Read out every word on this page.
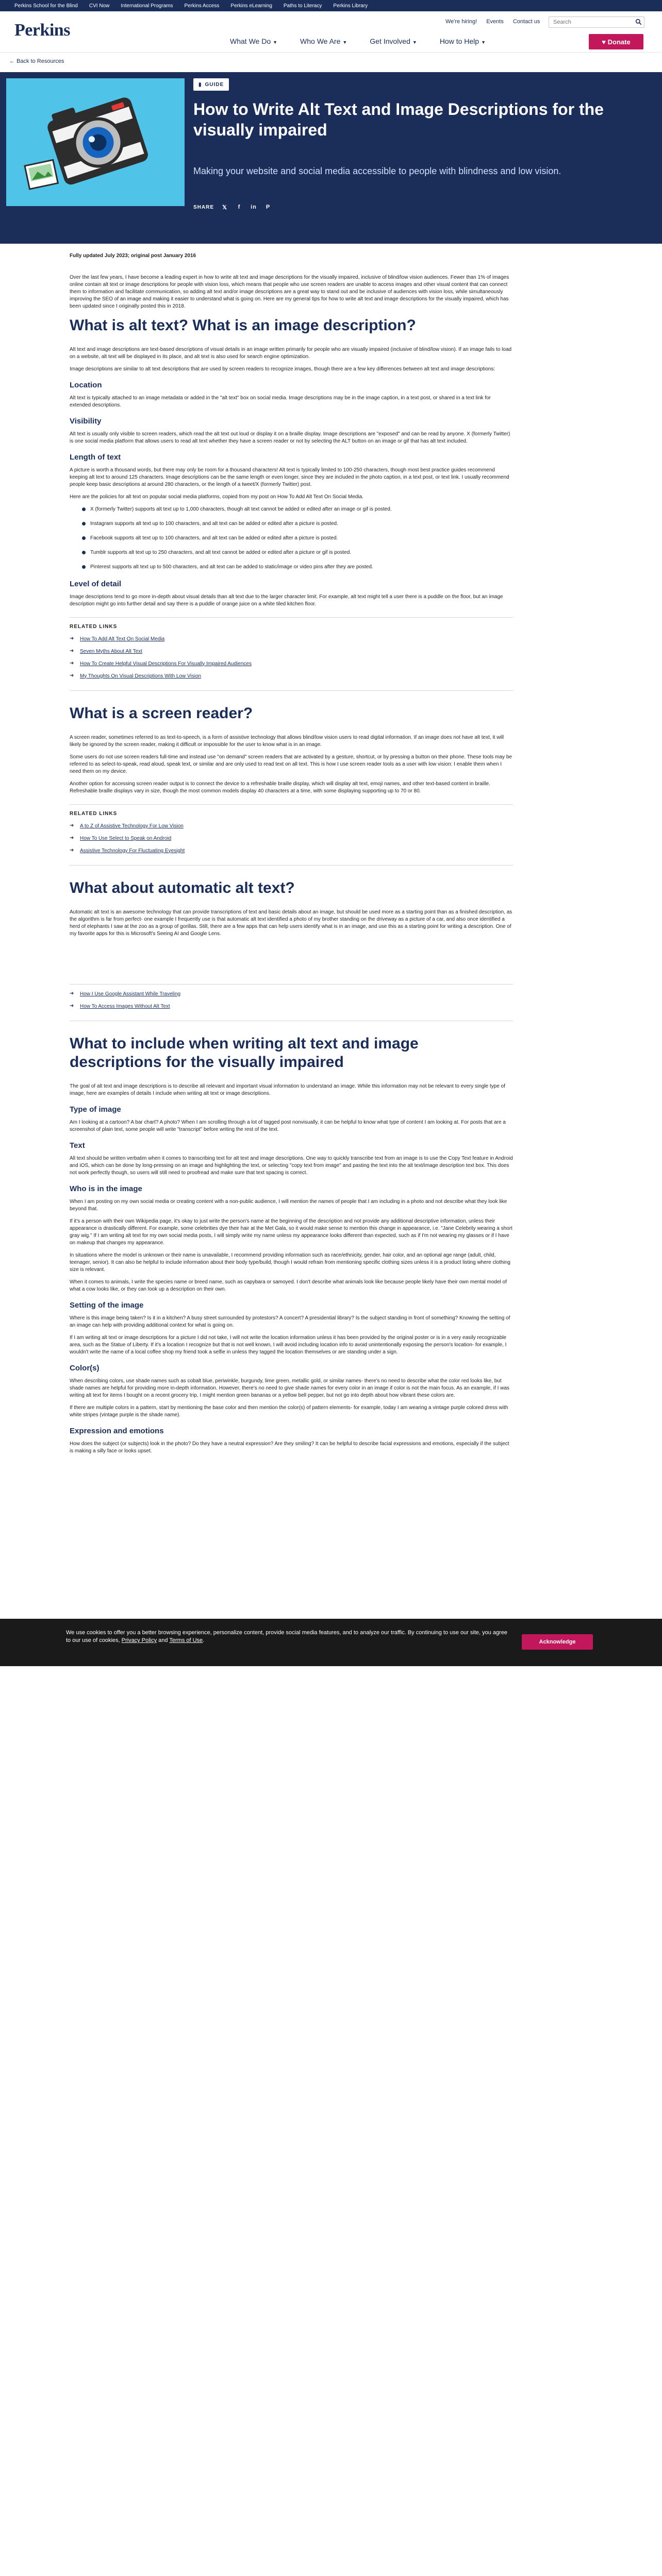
Perkins School for the Blind CVI Now International Programs Perkins Access Perkins eLearning Paths to Literacy Perkins Library
Perkins	We're hiring! Events Contact us
Search
What We Do ▼	Who We Are ▼	Get Involved ▼	How to Help ▼	♥ Donate
← Back to Resources
▮ GUIDE
How to Write Alt Text and Image Descriptions for the visually impaired
Making your website and social media accessible to people with blindness and low vision.
SHARE 𝕏	f	in P

Fully updated July 2023; original post January 2016

Over the last few years, I have become a leading expert in how to write alt text and image descriptions for the visually impaired, inclusive of blind/low vision audiences. Fewer than 1% of images online contain alt text or image descriptions for people with vision loss, which means that people who use screen readers are unable to access images and other visual content that can connect them to information and facilitate communication, so adding alt text and/or image descriptions are a great way to stand out and be inclusive of audiences with vision loss, while simultaneously improving the SEO of an image and making it easier to understand what is going on. Here are my general tips for how to write alt text and image descriptions for the visually impaired, which has been updated since I originally posted this in 2018.

What is alt text? What is an image description?

Alt text and image descriptions are text-based descriptions of visual details in an image written primarily for people who are visually impaired (inclusive of blind/low vision). If an image fails to load on a website, alt text will be displayed in its place, and alt text is also used for search engine optimization.

Image descriptions are similar to alt text descriptions that are used by screen readers to recognize images, though there are a few key differences between alt text and image descriptions:

Location

Alt text is typically attached to an image metadata or added in the "alt text" box on social media. Image descriptions may be in the image caption, in a text post, or shared in a text link for extended descriptions.

Visibility

Alt text is usually only visible to screen readers, which read the alt text out loud or display it on a braille display. Image descriptions are "exposed" and can be read by anyone. X (formerly Twitter) is one social media platform that allows users to read alt text whether they have a screen reader or not by selecting the ALT button on an image or gif that has alt text included.

Length of text

A picture is worth a thousand words, but there may only be room for a thousand characters! Alt text is typically limited to 100-250 characters, though most best practice guides recommend keeping alt text to around 125 characters. Image descriptions can be the same length or even longer, since they are included in the photo caption, in a text post, or text link. I usually recommend people keep basic descriptions at around 280 characters, or the length of a tweet/X (formerly Twitter) post.

Here are the policies for alt text on popular social media platforms, copied from my post on How To Add Alt Text On Social Media.

X (formerly Twitter) supports alt text up to 1,000 characters, though alt text cannot be added or edited after an image or gif is posted.
Instagram supports alt text up to 100 characters, and alt text can be added or edited after a picture is posted.
Facebook supports alt text up to 100 characters, and alt text can be added or edited after a picture is posted.
Tumblr supports alt text up to 250 characters, and alt text cannot be added or edited after a picture or gif is posted.
Pinterest supports alt text up to 500 characters, and alt text can be added to static/image or video pins after they are posted.
Level of detail

Image descriptions tend to go more in-depth about visual details than alt text due to the larger character limit. For example, alt text might tell a user there is a puddle on the floor, but an image description might go into further detail and say there is a puddle of orange juice on a white tiled kitchen floor.

RELATED LINKS
➜	How To Add Alt Text On Social Media
➜	Seven Myths About Alt Text
➜	How To Create Helpful Visual Descriptions For Visually Impaired Audiences
➜	My Thoughts On Visual Descriptions With Low Vision
What is a screen reader?

A screen reader, sometimes referred to as text-to-speech, is a form of assistive technology that allows blind/low vision users to read digital information. If an image does not have alt text, it will likely be ignored by the screen reader, making it difficult or impossible for the user to know what is in an image.

Some users do not use screen readers full-time and instead use "on demand" screen readers that are activated by a gesture, shortcut, or by pressing a button on their phone. These tools may be referred to as select-to-speak, read aloud, speak text, or similar and are only used to read text on all text. This is how I use screen reader tools as a user with low vision: I enable them when I need them on my device.

Another option for accessing screen reader output is to connect the device to a refreshable braille display, which will display alt text, emoji names, and other text-based content in braille. Refreshable braille displays vary in size, though the most common models display 40 characters at a time, with some displaying supporting up to 70 or 80.

RELATED LINKS
➜	A to Z of Assistive Technology For Low Vision
➜	How To Use Select to Speak on Android
➜	Assistive Technology For Fluctuating Eyesight
What about automatic alt text?

Automatic alt text is an awesome technology that can provide transcriptions of text and basic details about an image, but should be used more as a starting point than as a finished description, as the algorithm is far from perfect- one example I frequently use is that automatic alt text identified a photo of my brother standing on the driveway as a picture of a car, and also once identified a herd of elephants I saw at the zoo as a group of gorillas. Still, there are a few apps that can help users identify what is in an image, and use this as a starting point for writing a description. One of my favorite apps for this is Microsoft's Seeing AI and Google Lens.

➜	How I Use Google Assistant While Traveling
➜	How To Access Images Without Alt Text
What to include when writing alt text and image descriptions for the visually impaired

The goal of alt text and image descriptions is to describe all relevant and important visual information to understand an image. While this information may not be relevant to every single type of image, here are examples of details I include when writing alt text or image descriptions.

Type of image

Am I looking at a cartoon? A bar chart? A photo? When I am scrolling through a lot of tagged post nonvisually, it can be helpful to know what type of content I am looking at. For posts that are a screenshot of plain text, some people will write "transcript" before writing the rest of the text.

Text

All text should be written verbatim when it comes to transcribing text for alt text and image descriptions. One way to quickly transcribe text from an image is to use the Copy Text feature in Android and iOS, which can be done by long-pressing on an image and highlighting the text, or selecting "copy text from image" and pasting the text into the alt text/image description text box. This does not work perfectly though, so users will still need to proofread and make sure that text spacing is correct.

Who is in the image

When I am posting on my own social media or creating content with a non-public audience, I will mention the names of people that I am including in a photo and not describe what they look like beyond that.

If it's a person with their own Wikipedia page, it's okay to just write the person's name at the beginning of the description and not provide any additional descriptive information, unless their appearance is drastically different. For example, some celebrities dye their hair at the Met Gala, so it would make sense to mention this change in appearance, i.e. "Jane Celebrity wearing a short gray wig." If I am writing alt text for my own social media posts, I will simply write my name unless my appearance looks different than expected, such as if I'm not wearing my glasses or if I have on makeup that changes my appearance.

In situations where the model is unknown or their name is unavailable, I recommend providing information such as race/ethnicity, gender, hair color, and an optional age range (adult, child, teenager, senior). It can also be helpful to include information about their body type/build, though I would refrain from mentioning specific clothing sizes unless it is a product listing where clothing size is relevant.

When it comes to animals, I write the species name or breed name, such as capybara or samoyed. I don't describe what animals look like because people likely have their own mental model of what a cow looks like, or they can look up a description on their own.

Setting of the image

Where is this image being taken? Is it in a kitchen? A busy street surrounded by protestors? A concert? A presidential library? Is the subject standing in front of something? Knowing the setting of an image can help with providing additional context for what is going on.

If I am writing alt text or image descriptions for a picture I did not take, I will not write the location information unless it has been provided by the original poster or is in a very easily recognizable area, such as the Statue of Liberty. If it's a location I recognize but that is not well known, I will avoid including location info to avoid unintentionally exposing the person's location- for example, I wouldn't write the name of a local coffee shop my friend took a selfie in unless they tagged the location themselves or are standing under a sign.

Color(s)

When describing colors, use shade names such as cobalt blue, periwinkle, burgundy, lime green, metallic gold, or similar names- there's no need to describe what the color red looks like, but shade names are helpful for providing more in-depth information. However, there's no need to give shade names for every color in an image if color is not the main focus. As an example, if I was writing alt text for items I bought on a recent grocery trip, I might mention green bananas or a yellow bell pepper, but not go into depth about how vibrant these colors are.

If there are multiple colors in a pattern, start by mentioning the base color and then mention the color(s) of pattern elements- for example, today I am wearing a vintage purple colored dress with white stripes (vintage purple is the shade name).

Expression and emotions

How does the subject (or subjects) look in the photo? Do they have a neutral expression? Are they smiling? It can be helpful to describe facial expressions and emotions, especially if the subject is making a silly face or looks upset.

We use cookies to offer you a better browsing experience, personalize content, provide social media features, and to analyze our traffic. By continuing to use our site, you agree to our use of cookies, Privacy Policy and Terms of Use.	Acknowledge
